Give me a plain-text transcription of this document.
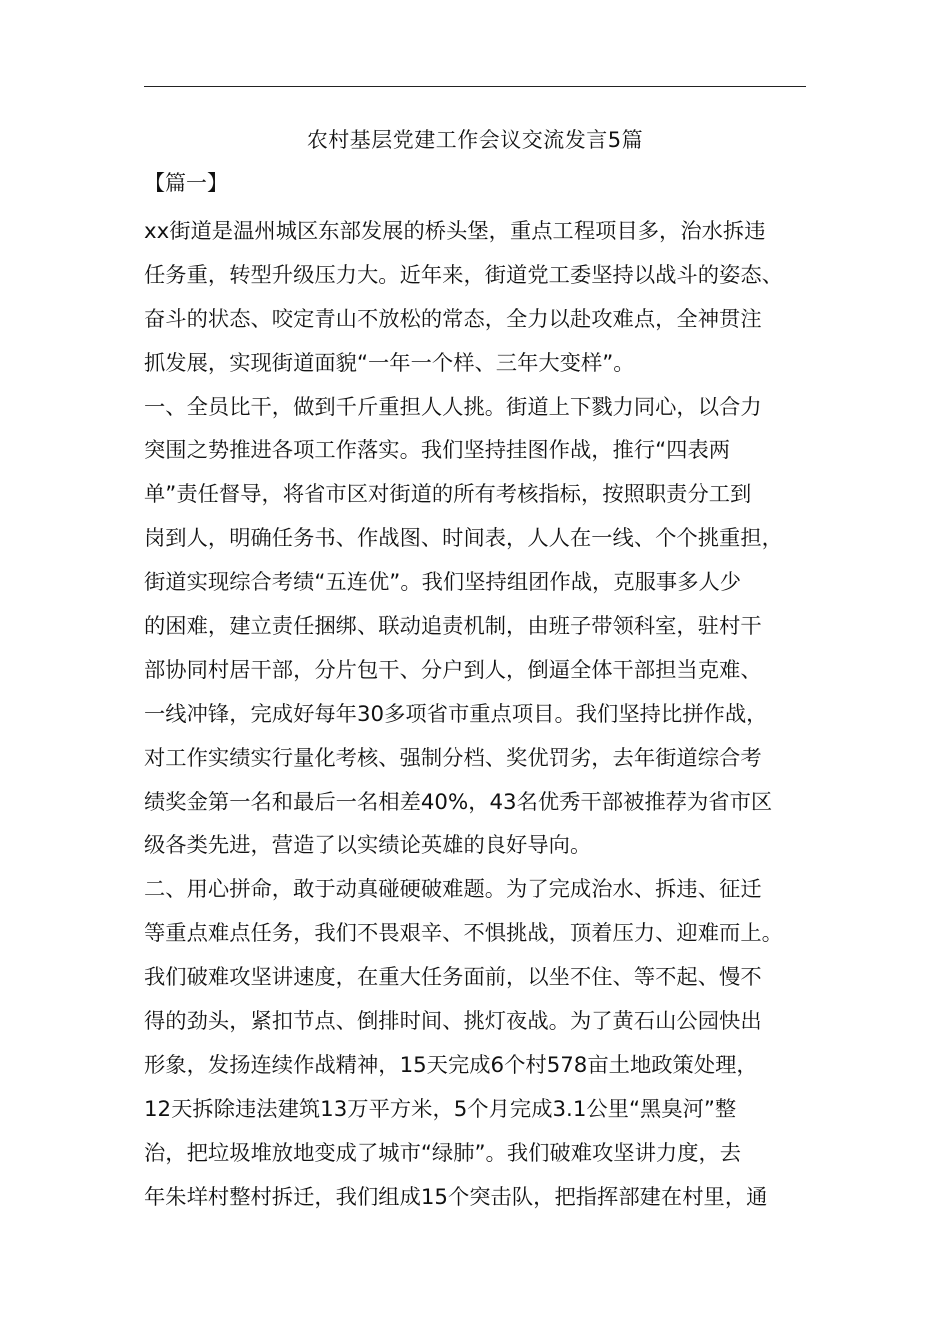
农村基层党建工作会议交流发言5篇
【篇一】
xx街道是温州城区东部发展的桥头堡，重点工程项目多，治水拆违
任务重，转型升级压力大。近年来，街道党工委坚持以战斗的姿态、
奋斗的状态、咬定青山不放松的常态，全力以赴攻难点，全神贯注
抓发展，实现街道面貌“一年一个样、三年大变样”。
一、全员比干，做到千斤重担人人挑。街道上下戮力同心，以合力
突围之势推进各项工作落实。我们坚持挂图作战，推行“四表两
单”责任督导，将省市区对街道的所有考核指标，按照职责分工到
岗到人，明确任务书、作战图、时间表，人人在一线、个个挑重担，
街道实现综合考绩“五连优”。我们坚持组团作战，克服事多人少
的困难，建立责任捆绑、联动追责机制，由班子带领科室，驻村干
部协同村居干部，分片包干、分户到人，倒逼全体干部担当克难、
一线冲锋，完成好每年30多项省市重点项目。我们坚持比拼作战，
对工作实绩实行量化考核、强制分档、奖优罚劣，去年街道综合考
绩奖金第一名和最后一名相差40%，43名优秀干部被推荐为省市区
级各类先进，营造了以实绩论英雄的良好导向。
二、用心拼命，敢于动真碰硬破难题。为了完成治水、拆违、征迁
等重点难点任务，我们不畏艰辛、不惧挑战，顶着压力、迎难而上。
我们破难攻坚讲速度，在重大任务面前，以坐不住、等不起、慢不
得的劲头，紧扣节点、倒排时间、挑灯夜战。为了黄石山公园快出
形象，发扬连续作战精神，15天完成6个村578亩土地政策处理，
12天拆除违法建筑13万平方米，5个月完成3.1公里“黑臭河”整
治，把垃圾堆放地变成了城市“绿肺”。我们破难攻坚讲力度，去
年朱垟村整村拆迁，我们组成15个突击队，把指挥部建在村里，通
